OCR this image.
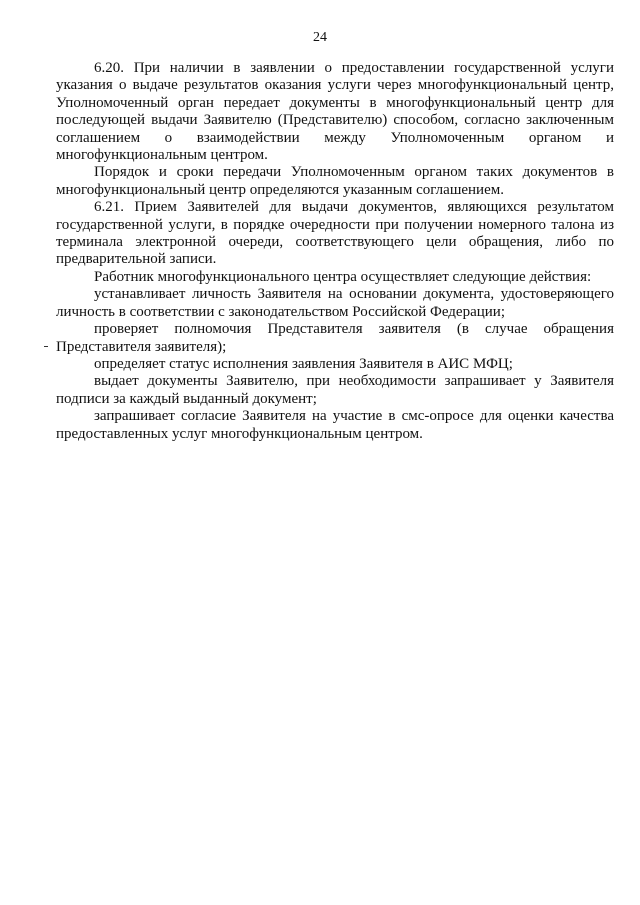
24

6.20. При наличии в заявлении о предоставлении государственной услуги указания о выдаче результатов оказания услуги через многофункциональный центр, Уполномоченный орган передает документы в многофункциональный центр для последующей выдачи Заявителю (Представителю) способом, согласно заключенным соглашением о взаимодействии между Уполномоченным органом и многофункциональным центром.

Порядок и сроки передачи Уполномоченным органом таких документов в многофункциональный центр определяются указанным соглашением.

6.21. Прием Заявителей для выдачи документов, являющихся результатом государственной услуги, в порядке очередности при получении номерного талона из терминала электронной очереди, соответствующего цели обращения, либо по предварительной записи.

Работник многофункционального центра осуществляет следующие действия:

устанавливает личность Заявителя на основании документа, удостоверяющего личность в соответствии с законодательством Российской Федерации;

проверяет полномочия Представителя заявителя (в случае обращения Представителя заявителя);

определяет статус исполнения заявления Заявителя в АИС МФЦ;

выдает документы Заявителю, при необходимости запрашивает у Заявителя подписи за каждый выданный документ;

запрашивает согласие Заявителя на участие в смс-опросе для оценки качества предоставленных услуг многофункциональным центром.
